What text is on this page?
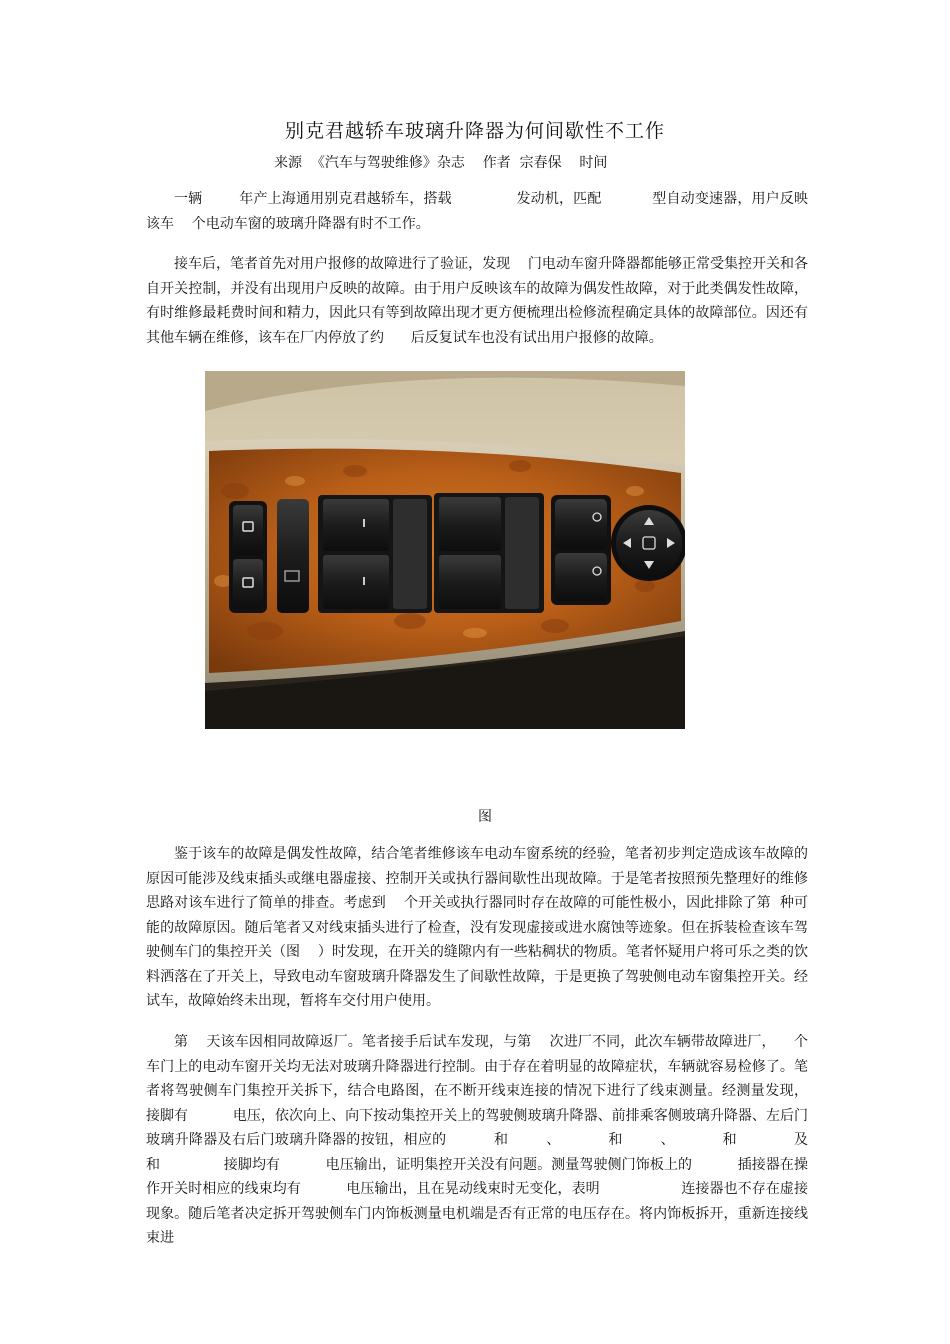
别克君越轿车玻璃升降器为何间歇性不工作
来源  《汽车与驾驶维修》杂志    作者  宗春保    时间
一辆        年产上海通用别克君越轿车，搭载              发动机，匹配           型自动变速器，用户反映该车    个电动车窗的玻璃升降器有时不工作。
接车后，笔者首先对用户报修的故障进行了验证，发现    门电动车窗升降器都能够正常受集控开关和各自开关控制，并没有出现用户反映的故障。由于用户反映该车的故障为偶发性故障，对于此类偶发性故障，有时维修最耗费时间和精力，因此只有等到故障出现才更方便梳理出检修流程确定具体的故障部位。因还有其他车辆在维修，该车在厂内停放了约      后反复试车也没有试出用户报修的故障。
图
鉴于该车的故障是偶发性故障，结合笔者维修该车电动车窗系统的经验，笔者初步判定造成该车故障的原因可能涉及线束插头或继电器虚接、控制开关或执行器间歇性出现故障。于是笔者按照预先整理好的维修思路对该车进行了简单的排查。考虑到    个开关或执行器同时存在故障的可能性极小，因此排除了第  种可能的故障原因。随后笔者又对线束插头进行了检查，没有发现虚接或进水腐蚀等迹象。但在拆装检查该车驾驶侧车门的集控开关（图    ）时发现，在开关的缝隙内有一些粘稠状的物质。笔者怀疑用户将可乐之类的饮料洒落在了开关上，导致电动车窗玻璃升降器发生了间歇性故障，于是更换了驾驶侧电动车窗集控开关。经试车，故障始终未出现，暂将车交付用户使用。
第    天该车因相同故障返厂。笔者接手后试车发现，与第    次进厂不同，此次车辆带故障进厂，    个车门上的电动车窗开关均无法对玻璃升降器进行控制。由于存在着明显的故障症状，车辆就容易检修了。笔者将驾驶侧车门集控开关拆下，结合电路图，在不断开线束连接的情况下进行了线束测量。经测量发现，        接脚有          电压，依次向上、向下按动集控开关上的驾驶侧玻璃升降器、前排乘客侧玻璃升降器、左后门玻璃升降器及右后门玻璃升降器的按钮，相应的          和        、          和        、          和            及          和              接脚均有          电压输出，证明集控开关没有问题。测量驾驶侧门饰板上的          插接器在操作开关时相应的线束均有          电压输出，且在晃动线束时无变化，表明                  连接器也不存在虚接现象。随后笔者决定拆开驾驶侧车门内饰板测量电机端是否有正常的电压存在。将内饰板拆开，重新连接线束进
